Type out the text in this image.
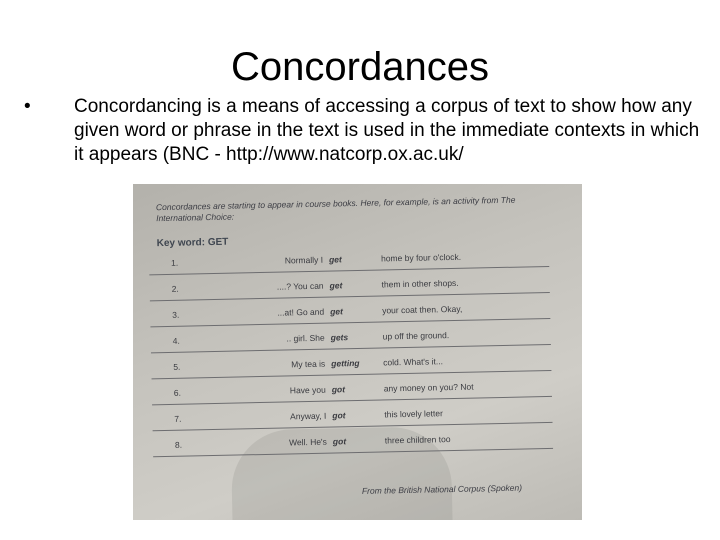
Concordances
•	Concordancing is a means of accessing a corpus of text to show how any given word or phrase in the text is used in the immediate contexts in which it appears (BNC - http://www.natcorp.ox.ac.uk/
Concordances are starting to appear in course books. Here, for example, is an activity from The International Choice:
Key word: GET
1.	Normally I get	home by four o'clock.
2.	....? You can get	them in other shops.
3.	...at! Go and get	your coat then. Okay,
4.	.. girl. She gets	up off the ground.
5.	My tea is getting	cold. What's it...
6.	Have you got	any money on you? Not
7.	Anyway, I got	this lovely letter
8.	Well. He's got	three children too
From the British National Corpus (Spoken)
